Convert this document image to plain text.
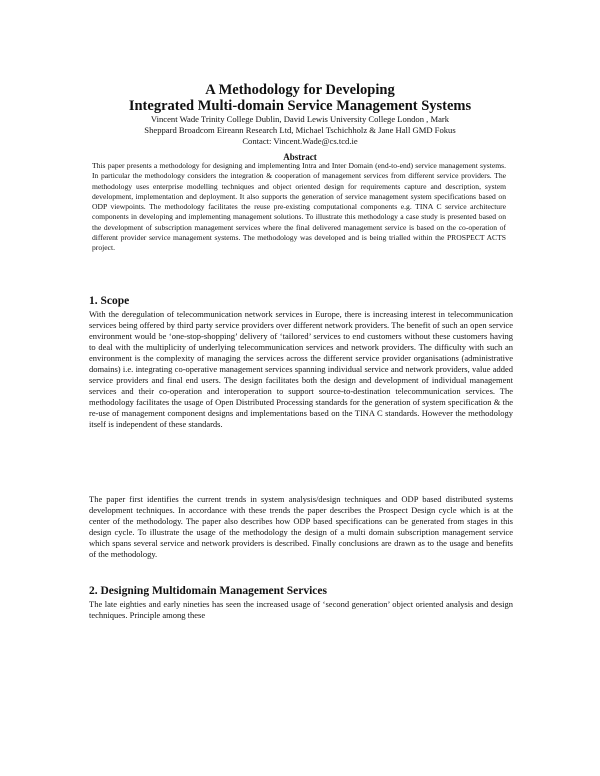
A Methodology for Developing
Integrated Multi-domain Service Management Systems
Vincent Wade Trinity College Dublin, David Lewis University College London , Mark
Sheppard Broadcom Eireann Research Ltd, Michael Tschichholz & Jane Hall GMD Fokus
Contact: Vincent.Wade@cs.tcd.ie
Abstract

This paper presents a methodology for designing and implementing Intra and Inter Domain (end-to-end) service management systems. In particular the methodology considers the integration & cooperation of management services from different service providers. The methodology uses enterprise modelling techniques and object oriented design for requirements capture and description, system development, implementation and deployment. It also supports the generation of service management system specifications based on ODP viewpoints. The methodology facilitates the reuse pre-existing computational components e.g. TINA C service architecture components in developing and implementing management solutions. To illustrate this methodology a case study is presented based on the development of subscription management services where the final delivered management service is based on the co-operation of different provider service management systems. The methodology was developed and is being trialled within the PROSPECT ACTS project.

1. Scope

With the deregulation of telecommunication network services in Europe, there is increasing interest in telecommunication services being offered by third party service providers over different network providers. The benefit of such an open service environment would be ‘one-stop-shopping’ delivery of ‘tailored’ services to end customers without these customers having to deal with the multiplicity of underlying telecommunication services and network providers. The difficulty with such an environment is the complexity of managing the services across the different service provider organisations (administrative domains) i.e. integrating co-operative management services spanning individual service and network providers, value added service providers and final end users. The design facilitates both the design and development of individual management services and their co-operation and interoperation to support source-to-destination telecommunication services. The methodology facilitates the usage of Open Distributed Processing standards for the generation of system specification & the re-use of management component designs and implementations based on the TINA C standards. However the methodology itself is independent of these standards.

The paper first identifies the current trends in system analysis/design techniques and ODP based distributed systems development techniques. In accordance with these trends the paper describes the Prospect Design cycle which is at the center of the methodology. The paper also describes how ODP based specifications can be generated from stages in this design cycle. To illustrate the usage of the methodology the design of a multi domain subscription management service which spans several service and network providers is described. Finally conclusions are drawn as to the usage and benefits of the methodology.

2. Designing Multidomain Management Services

The late eighties and early nineties has seen the increased usage of ‘second generation’ object oriented analysis and design techniques. Principle among these
